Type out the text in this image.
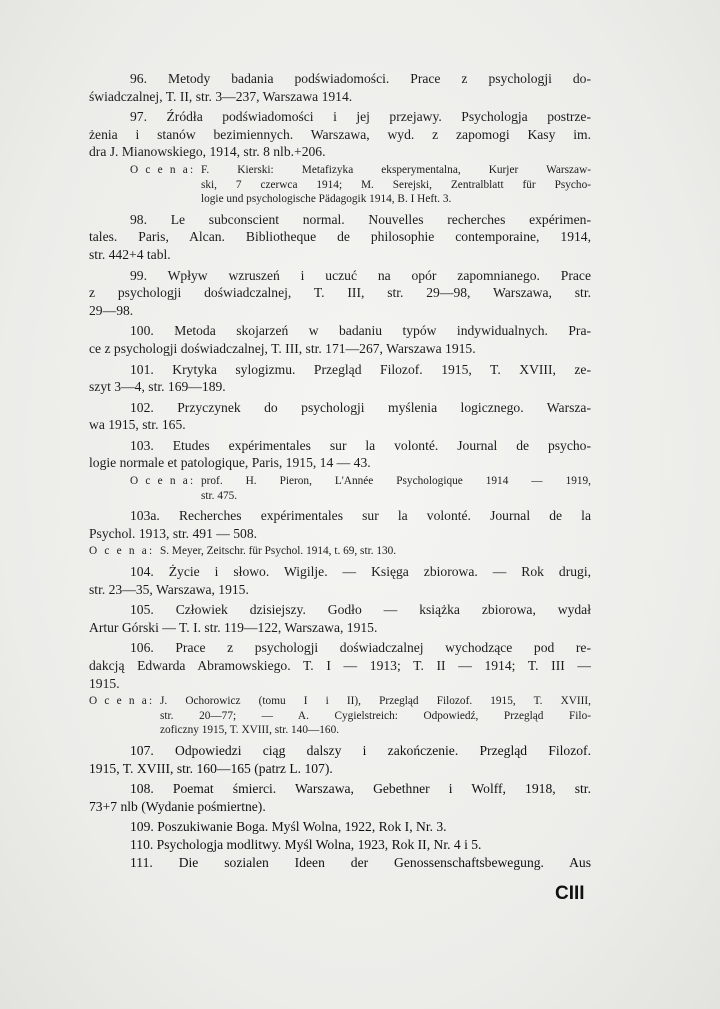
96. Metody badania podświadomości. Prace z psychologji do-
świadczalnej, T. II, str. 3—237, Warszawa 1914.
97. Źródła podświadomości i jej przejawy. Psychologja postrze-
żenia i stanów bezimiennych. Warszawa, wyd. z zapomogi Kasy im.
dra J. Mianowskiego, 1914, str. 8 nlb.+206.
O c e n a: F. Kierski: Metafizyka eksperymentalna, Kurjer Warszaw-
ski, 7 czerwca 1914; M. Serejski, Zentralblatt für Psycho-
logie und psychologische Pädagogik 1914, B. I Heft. 3.
98. Le subconscient normal. Nouvelles recherches expérimen-
tales. Paris, Alcan. Bibliotheque de philosophie contemporaine, 1914,
str. 442+4 tabl.
99. Wpływ wzruszeń i uczuć na opór zapomnianego. Prace
z psychologji doświadczalnej, T. III, str. 29—98, Warszawa, str.
29—98.
100. Metoda skojarzeń w badaniu typów indywidualnych. Pra-
ce z psychologji doświadczalnej, T. III, str. 171—267, Warszawa 1915.
101. Krytyka sylogizmu. Przegląd Filozof. 1915, T. XVIII, ze-
szyt 3—4, str. 169—189.
102. Przyczynek do psychologji myślenia logicznego. Warsza-
wa 1915, str. 165.
103. Etudes expérimentales sur la volonté. Journal de psycho-
logie normale et patologique, Paris, 1915, 14 — 43.
O c e n a: prof. H. Pieron, L'Année Psychologique 1914 — 1919,
str. 475.
103a. Recherches expérimentales sur la volonté. Journal de la
Psychol. 1913, str. 491 — 508.
O c e n a: S. Meyer, Zeitschr. für Psychol. 1914, t. 69, str. 130.
104. Życie i słowo. Wigilje. — Księga zbiorowa. — Rok drugi,
str. 23—35, Warszawa, 1915.
105. Człowiek dzisiejszy. Godło — książka zbiorowa, wydał
Artur Górski — T. I. str. 119—122, Warszawa, 1915.
106. Prace z psychologji doświadczalnej wychodzące pod re-
dakcją Edwarda Abramowskiego. T. I — 1913; T. II — 1914; T. III —
1915.
O c e n a: J. Ochorowicz (tomu I i II), Przegląd Filozof. 1915, T. XVIII,
str. 20—77; — A. Cygielstreich: Odpowiedź, Przegląd Filo-
zoficzny 1915, T. XVIII, str. 140—160.
107. Odpowiedzi ciąg dalszy i zakończenie. Przegląd Filozof.
1915, T. XVIII, str. 160—165 (patrz L. 107).
108. Poemat śmierci. Warszawa, Gebethner i Wolff, 1918, str.
73+7 nlb (Wydanie pośmiertne).
109. Poszukiwanie Boga. Myśl Wolna, 1922, Rok I, Nr. 3.
110. Psychologja modlitwy. Myśl Wolna, 1923, Rok II, Nr. 4 i 5.
111. Die sozialen Ideen der Genossenschaftsbewegung. Aus
CIII
